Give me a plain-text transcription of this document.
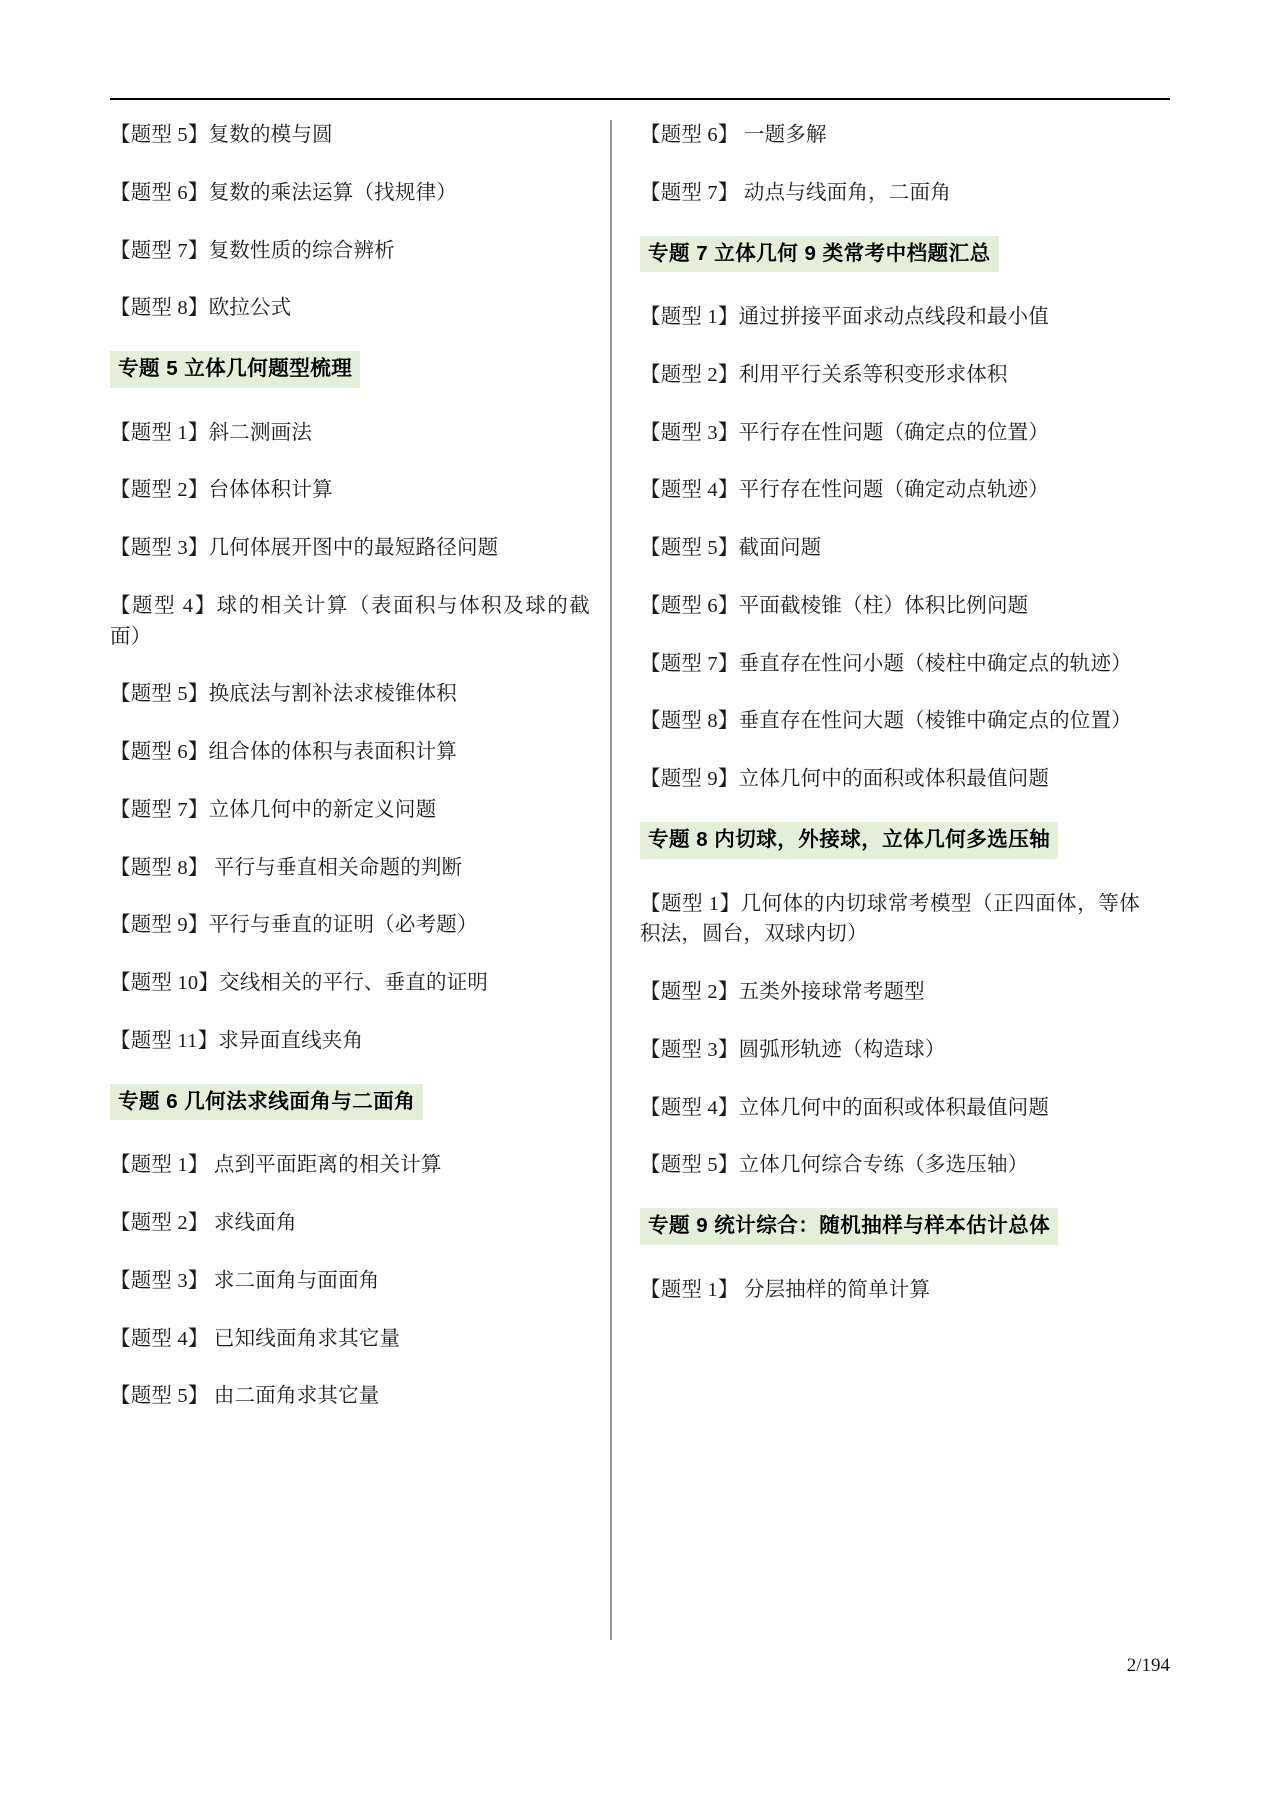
【题型 5】复数的模与圆
【题型 6】复数的乘法运算（找规律）
【题型 7】复数性质的综合辨析
【题型 8】欧拉公式
专题 5 立体几何题型梳理
【题型 1】斜二测画法
【题型 2】台体体积计算
【题型 3】几何体展开图中的最短路径问题
【题型 4】球的相关计算（表面积与体积及球的截面）
【题型 5】换底法与割补法求棱锥体积
【题型 6】组合体的体积与表面积计算
【题型 7】立体几何中的新定义问题
【题型 8】 平行与垂直相关命题的判断
【题型 9】平行与垂直的证明（必考题）
【题型 10】交线相关的平行、垂直的证明
【题型 11】求异面直线夹角
专题 6 几何法求线面角与二面角
【题型 1】 点到平面距离的相关计算
【题型 2】 求线面角
【题型 3】 求二面角与面面角
【题型 4】 已知线面角求其它量
【题型 5】 由二面角求其它量
【题型 6】 一题多解
【题型 7】 动点与线面角，二面角
专题 7 立体几何 9 类常考中档题汇总
【题型 1】通过拼接平面求动点线段和最小值
【题型 2】利用平行关系等积变形求体积
【题型 3】平行存在性问题（确定点的位置）
【题型 4】平行存在性问题（确定动点轨迹）
【题型 5】截面问题
【题型 6】平面截棱锥（柱）体积比例问题
【题型 7】垂直存在性问小题（棱柱中确定点的轨迹）
【题型 8】垂直存在性问大题（棱锥中确定点的位置）
【题型 9】立体几何中的面积或体积最值问题
专题 8 内切球，外接球，立体几何多选压轴
【题型 1】几何体的内切球常考模型（正四面体，等体积法，圆台，双球内切）
【题型 2】五类外接球常考题型
【题型 3】圆弧形轨迹（构造球）
【题型 4】立体几何中的面积或体积最值问题
【题型 5】立体几何综合专练（多选压轴）
专题 9 统计综合：随机抽样与样本估计总体
【题型 1】 分层抽样的简单计算
2/194
